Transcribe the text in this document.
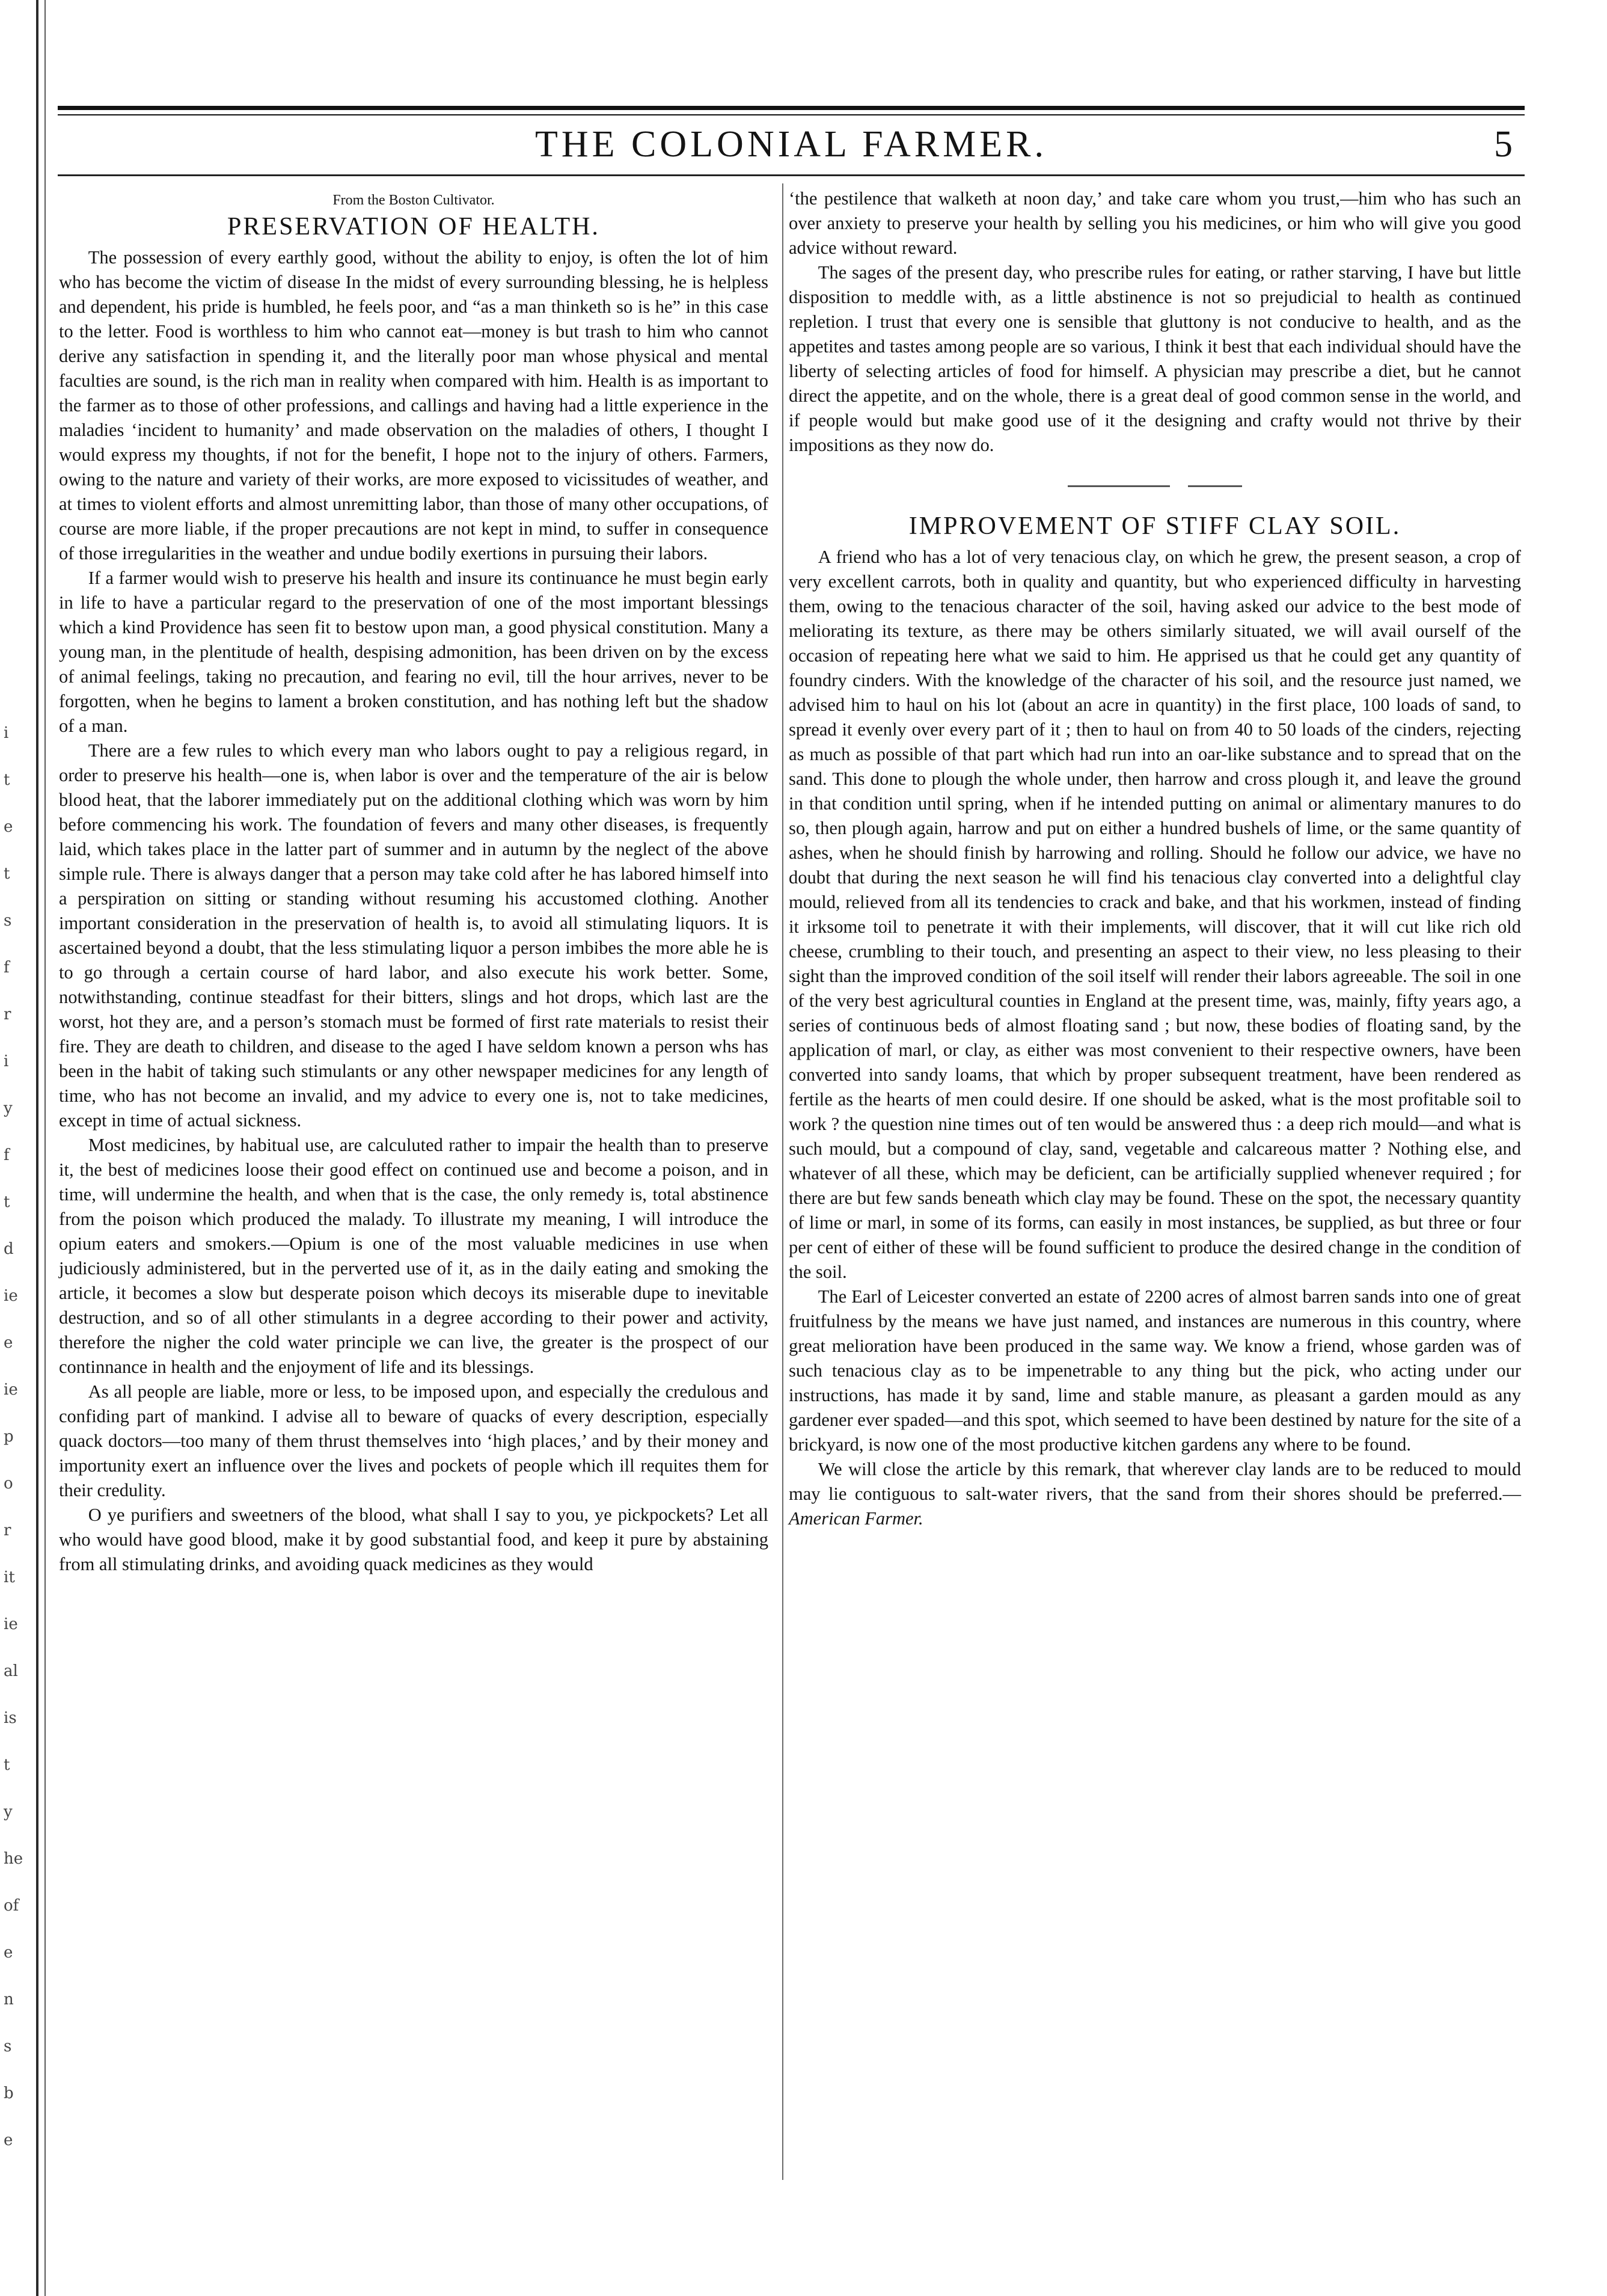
i
t
e
t
s
f
r
i
y
f
t
d
ie
e
ie
p
o
r
it
ie
al
is
t
y
he
of
e
n
s
b
e
THE COLONIAL FARMER.	5
From the Boston Cultivator.
PRESERVATION OF HEALTH.

The possession of every earthly good, without the ability to enjoy, is often the lot of him who has become the victim of disease In the midst of every surrounding blessing, he is helpless and dependent, his pride is humbled, he feels poor, and “as a man thinketh so is he” in this case to the letter. Food is worthless to him who cannot eat—money is but trash to him who cannot derive any satisfaction in spending it, and the literally poor man whose physical and mental faculties are sound, is the rich man in reality when compared with him. Health is as important to the farmer as to those of other professions, and callings and having had a little experience in the maladies ‘incident to humanity’ and made observation on the maladies of others, I thought I would express my thoughts, if not for the benefit, I hope not to the injury of others. Farmers, owing to the nature and variety of their works, are more exposed to vicissitudes of weather, and at times to violent efforts and almost unremitting labor, than those of many other occupations, of course are more liable, if the proper precautions are not kept in mind, to suffer in consequence of those irregularities in the weather and undue bodily exertions in pursuing their labors.

If a farmer would wish to preserve his health and insure its continuance he must begin early in life to have a particular regard to the preservation of one of the most important blessings which a kind Providence has seen fit to bestow upon man, a good physical constitution. Many a young man, in the plentitude of health, despising admonition, has been driven on by the excess of animal feelings, taking no precaution, and fearing no evil, till the hour arrives, never to be forgotten, when he begins to lament a broken constitution, and has nothing left but the shadow of a man.

There are a few rules to which every man who labors ought to pay a religious regard, in order to preserve his health—one is, when labor is over and the temperature of the air is below blood heat, that the laborer immediately put on the additional clothing which was worn by him before commencing his work. The foundation of fevers and many other diseases, is frequently laid, which takes place in the latter part of summer and in autumn by the neglect of the above simple rule. There is always danger that a person may take cold after he has labored himself into a perspiration on sitting or standing without resuming his accustomed clothing. Another important consideration in the preservation of health is, to avoid all stimulating liquors. It is ascertained beyond a doubt, that the less stimulating liquor a person imbibes the more able he is to go through a certain course of hard labor, and also execute his work better. Some, notwithstanding, continue steadfast for their bitters, slings and hot drops, which last are the worst, hot they are, and a person’s stomach must be formed of first rate materials to resist their fire. They are death to children, and disease to the aged I have seldom known a person whs has been in the habit of taking such stimulants or any other newspaper medicines for any length of time, who has not become an invalid, and my advice to every one is, not to take medicines, except in time of actual sickness.

Most medicines, by habitual use, are calculuted rather to impair the health than to preserve it, the best of medicines loose their good effect on continued use and become a poison, and in time, will undermine the health, and when that is the case, the only remedy is, total abstinence from the poison which produced the malady. To illustrate my meaning, I will introduce the opium eaters and smokers.—Opium is one of the most valuable medicines in use when judiciously administered, but in the perverted use of it, as in the daily eating and smoking the article, it becomes a slow but desperate poison which decoys its miserable dupe to inevitable destruction, and so of all other stimulants in a degree according to their power and activity, therefore the nigher the cold water principle we can live, the greater is the prospect of our continnance in health and the enjoyment of life and its blessings.

As all people are liable, more or less, to be imposed upon, and especially the credulous and confiding part of mankind. I advise all to beware of quacks of every description, especially quack doctors—too many of them thrust themselves into ‘high places,’ and by their money and importunity exert an influence over the lives and pockets of people which ill requites them for their credulity.

O ye purifiers and sweetners of the blood, what shall I say to you, ye pickpockets? Let all who would have good blood, make it by good substantial food, and keep it pure by abstaining from all stimulating drinks, and avoiding quack medicines as they would

‘the pestilence that walketh at noon day,’ and take care whom you trust,—him who has such an over anxiety to preserve your health by selling you his medicines, or him who will give you good advice without reward.

The sages of the present day, who prescribe rules for eating, or rather starving, I have but little disposition to meddle with, as a little abstinence is not so prejudicial to health as continued repletion. I trust that every one is sensible that gluttony is not conducive to health, and as the appetites and tastes among people are so various, I think it best that each individual should have the liberty of selecting articles of food for himself. A physician may prescribe a diet, but he cannot direct the appetite, and on the whole, there is a great deal of good common sense in the world, and if people would but make good use of it the designing and crafty would not thrive by their impositions as they now do.

IMPROVEMENT OF STIFF CLAY SOIL.

A friend who has a lot of very tenacious clay, on which he grew, the present season, a crop of very excellent carrots, both in quality and quantity, but who experienced difficulty in harvesting them, owing to the tenacious character of the soil, having asked our advice to the best mode of meliorating its texture, as there may be others similarly situated, we will avail ourself of the occasion of repeating here what we said to him. He apprised us that he could get any quantity of foundry cinders. With the knowledge of the character of his soil, and the resource just named, we advised him to haul on his lot (about an acre in quantity) in the first place, 100 loads of sand, to spread it evenly over every part of it ; then to haul on from 40 to 50 loads of the cinders, rejecting as much as possible of that part which had run into an oar-like substance and to spread that on the sand. This done to plough the whole under, then harrow and cross plough it, and leave the ground in that condition until spring, when if he intended putting on animal or alimentary manures to do so, then plough again, harrow and put on either a hundred bushels of lime, or the same quantity of ashes, when he should finish by harrowing and rolling. Should he follow our advice, we have no doubt that during the next season he will find his tenacious clay converted into a delightful clay mould, relieved from all its tendencies to crack and bake, and that his workmen, instead of finding it irksome toil to penetrate it with their implements, will discover, that it will cut like rich old cheese, crumbling to their touch, and presenting an aspect to their view, no less pleasing to their sight than the improved condition of the soil itself will render their labors agreeable. The soil in one of the very best agricultural counties in England at the present time, was, mainly, fifty years ago, a series of continuous beds of almost floating sand ; but now, these bodies of floating sand, by the application of marl, or clay, as either was most convenient to their respective owners, have been converted into sandy loams, that which by proper subsequent treatment, have been rendered as fertile as the hearts of men could desire. If one should be asked, what is the most profitable soil to work ? the question nine times out of ten would be answered thus : a deep rich mould—and what is such mould, but a compound of clay, sand, vegetable and calcareous matter ? Nothing else, and whatever of all these, which may be deficient, can be artificially supplied whenever required ; for there are but few sands beneath which clay may be found. These on the spot, the necessary quantity of lime or marl, in some of its forms, can easily in most instances, be supplied, as but three or four per cent of either of these will be found sufficient to produce the desired change in the condition of the soil.

The Earl of Leicester converted an estate of 2200 acres of almost barren sands into one of great fruitfulness by the means we have just named, and instances are numerous in this country, where great melioration have been produced in the same way. We know a friend, whose garden was of such tenacious clay as to be impenetrable to any thing but the pick, who acting under our instructions, has made it by sand, lime and stable manure, as pleasant a garden mould as any gardener ever spaded—and this spot, which seemed to have been destined by nature for the site of a brickyard, is now one of the most productive kitchen gardens any where to be found.

We will close the article by this remark, that wherever clay lands are to be reduced to mould may lie contiguous to salt-water rivers, that the sand from their shores should be preferred.—American Farmer.
